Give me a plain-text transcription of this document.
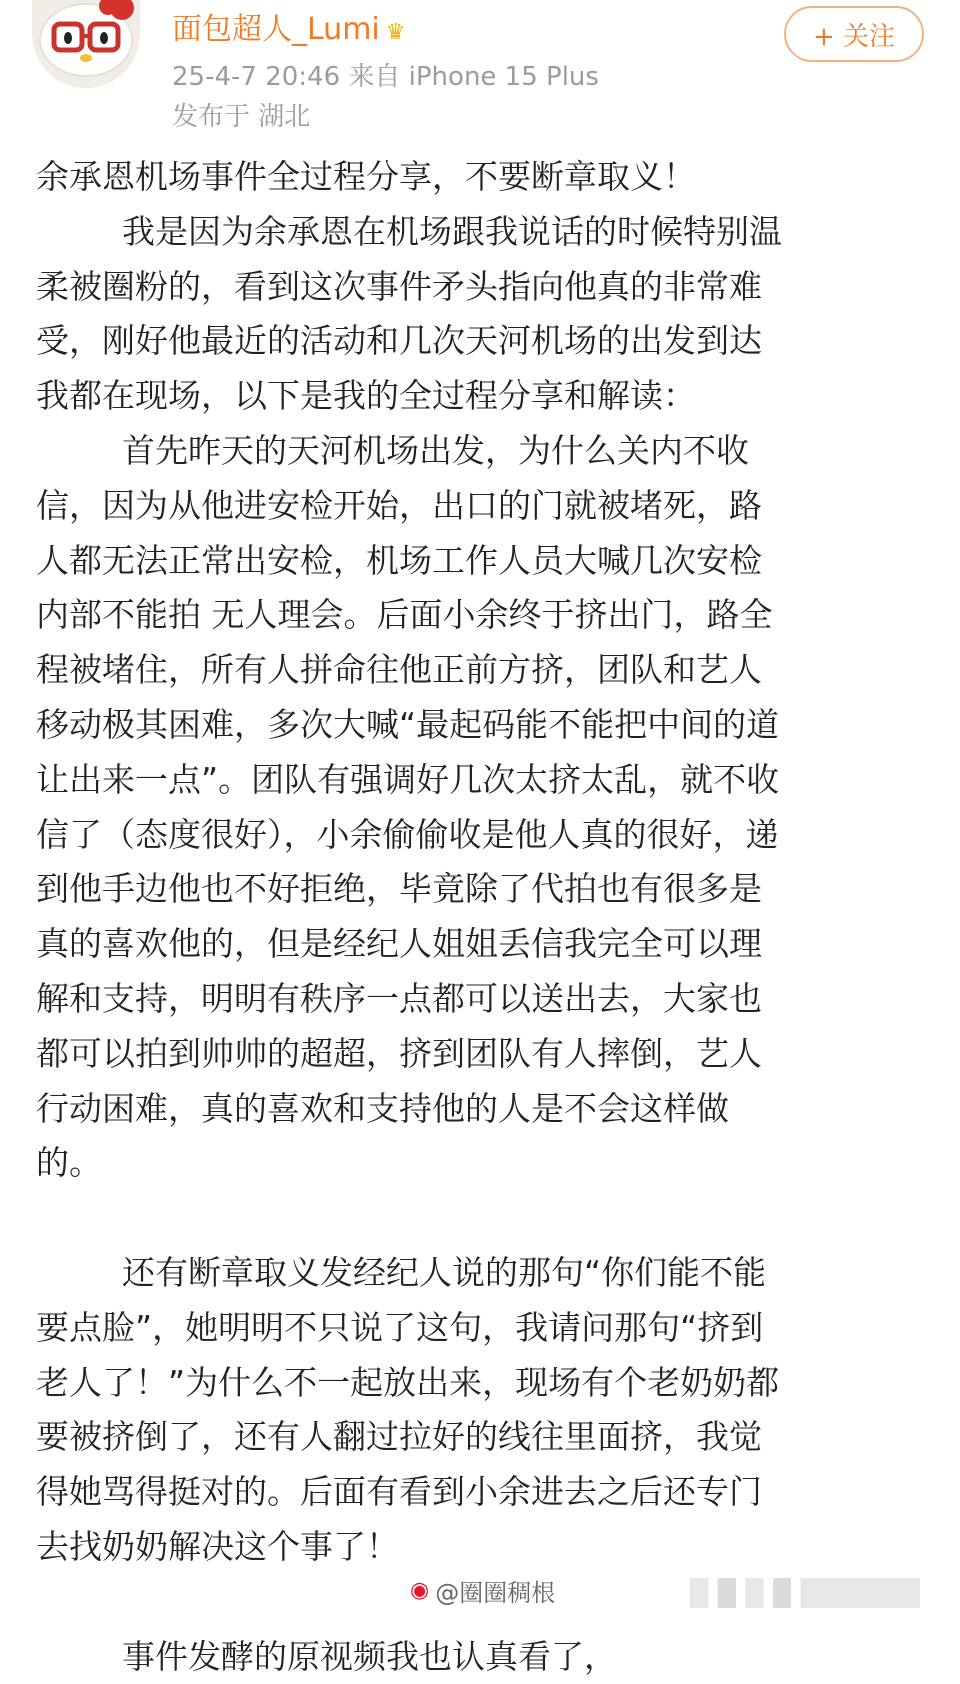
面包超人_Lumi ♛
25-4-7 20:46 来自 iPhone 15 Plus
发布于 湖北
+ 关注
余承恩机场事件全过程分享，不要断章取义！
我是因为余承恩在机场跟我说话的时候特别温
柔被圈粉的，看到这次事件矛头指向他真的非常难
受，刚好他最近的活动和几次天河机场的出发到达
我都在现场，以下是我的全过程分享和解读：
首先昨天的天河机场出发，为什么关内不收
信，因为从他进安检开始，出口的门就被堵死，路
人都无法正常出安检，机场工作人员大喊几次安检
内部不能拍 无人理会。后面小余终于挤出门，路全
程被堵住，所有人拼命往他正前方挤，团队和艺人
移动极其困难，多次大喊“最起码能不能把中间的道
让出来一点”。团队有强调好几次太挤太乱，就不收
信了（态度很好），小余偷偷收是他人真的很好，递
到他手边他也不好拒绝，毕竟除了代拍也有很多是
真的喜欢他的，但是经纪人姐姐丢信我完全可以理
解和支持，明明有秩序一点都可以送出去，大家也
都可以拍到帅帅的超超，挤到团队有人摔倒，艺人
行动困难，真的喜欢和支持他的人是不会这样做
的。
还有断章取义发经纪人说的那句“你们能不能
要点脸”，她明明不只说了这句，我请问那句“挤到
老人了！”为什么不一起放出来，现场有个老奶奶都
要被挤倒了，还有人翻过拉好的线往里面挤，我觉
得她骂得挺对的。后面有看到小余进去之后还专门
去找奶奶解决这个事了！
事件发酵的原视频我也认真看了，
◉ @圈圈稠根
